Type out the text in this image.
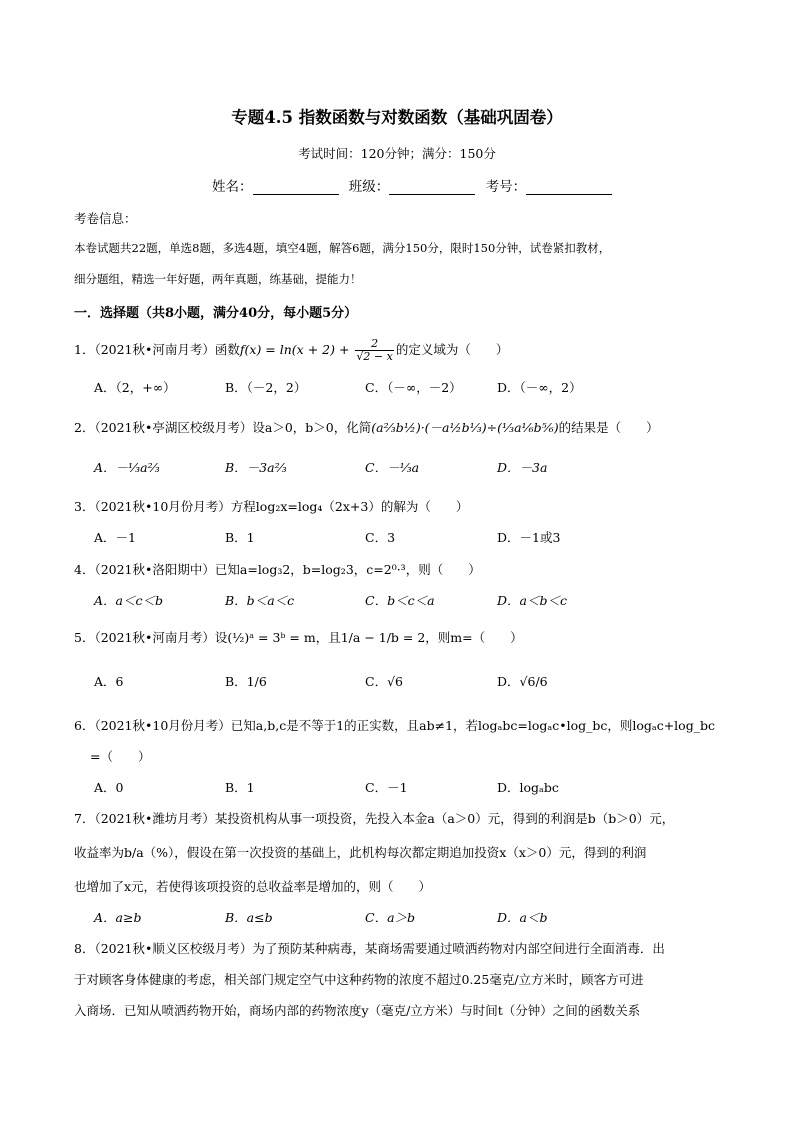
专题4.5 指数函数与对数函数（基础巩固卷）
考试时间：120分钟；满分：150分
姓名：	班级：	考号：
考卷信息：
本卷试题共22题，单选8题，多选4题，填空4题，解答6题，满分150分，限时150分钟，试卷紧扣教材，
细分题组，精选一年好题，两年真题，练基础，提能力！
一．选择题（共8小题，满分40分，每小题5分）
1．（2021秋•河南月考）函数$f(x) = \ln(x + 2) + \frac{2}{√2 - x}$ 的定义域为（　　）
A．（2，+∞）	B．（－2，2）	C．（－∞，－2）	D．（－∞，2）
2．（2021秋•亭湖区校级月考）设a＞0，b＞0，化简(a⅔b½)·(－a½b⅓)÷(⅓a⅙b⅚)的结果是（　　）
A．－⅓a⅔	B．－3a⅔	C．－⅓a	D．－3a
3．（2021秋•10月份月考）方程log₂x=log₄（2x+3）的解为（　　）
A．－1	B．1	C．3	D．－1或3
4．（2021秋•洛阳期中）已知a=log₃2，b=log₂3，c=2⁰·³，则（　　）
A．a＜c＜b	B．b＜a＜c	C．b＜c＜a	D．a＜b＜c
5．（2021秋•河南月考）设(½)ᵃ = 3ᵇ = m，且1/a − 1/b = 2，则m=（　　）
A．6	B．1/6	C．√6	D．√6/6
6．（2021秋•10月份月考）已知a,b,c是不等于1的正实数，且ab≠1，若logₐbc=logₐc•log_bc，则logₐc+log_bc
=（　　）
A．0	B．1	C．－1	D．logₐbc
7．（2021秋•潍坊月考）某投资机构从事一项投资，先投入本金a（a＞0）元，得到的利润是b（b＞0）元，
收益率为b/a（%），假设在第一次投资的基础上，此机构每次都定期追加投资x（x＞0）元，得到的利润
也增加了x元，若使得该项投资的总收益率是增加的，则（　　）
A．a≥b	B．a≤b	C．a＞b	D．a＜b
8．（2021秋•顺义区校级月考）为了预防某种病毒，某商场需要通过喷洒药物对内部空间进行全面消毒．出
于对顾客身体健康的考虑，相关部门规定空气中这种药物的浓度不超过0.25毫克/立方米时，顾客方可进
入商场．已知从喷洒药物开始，商场内部的药物浓度y（毫克/立方米）与时间t（分钟）之间的函数关系
